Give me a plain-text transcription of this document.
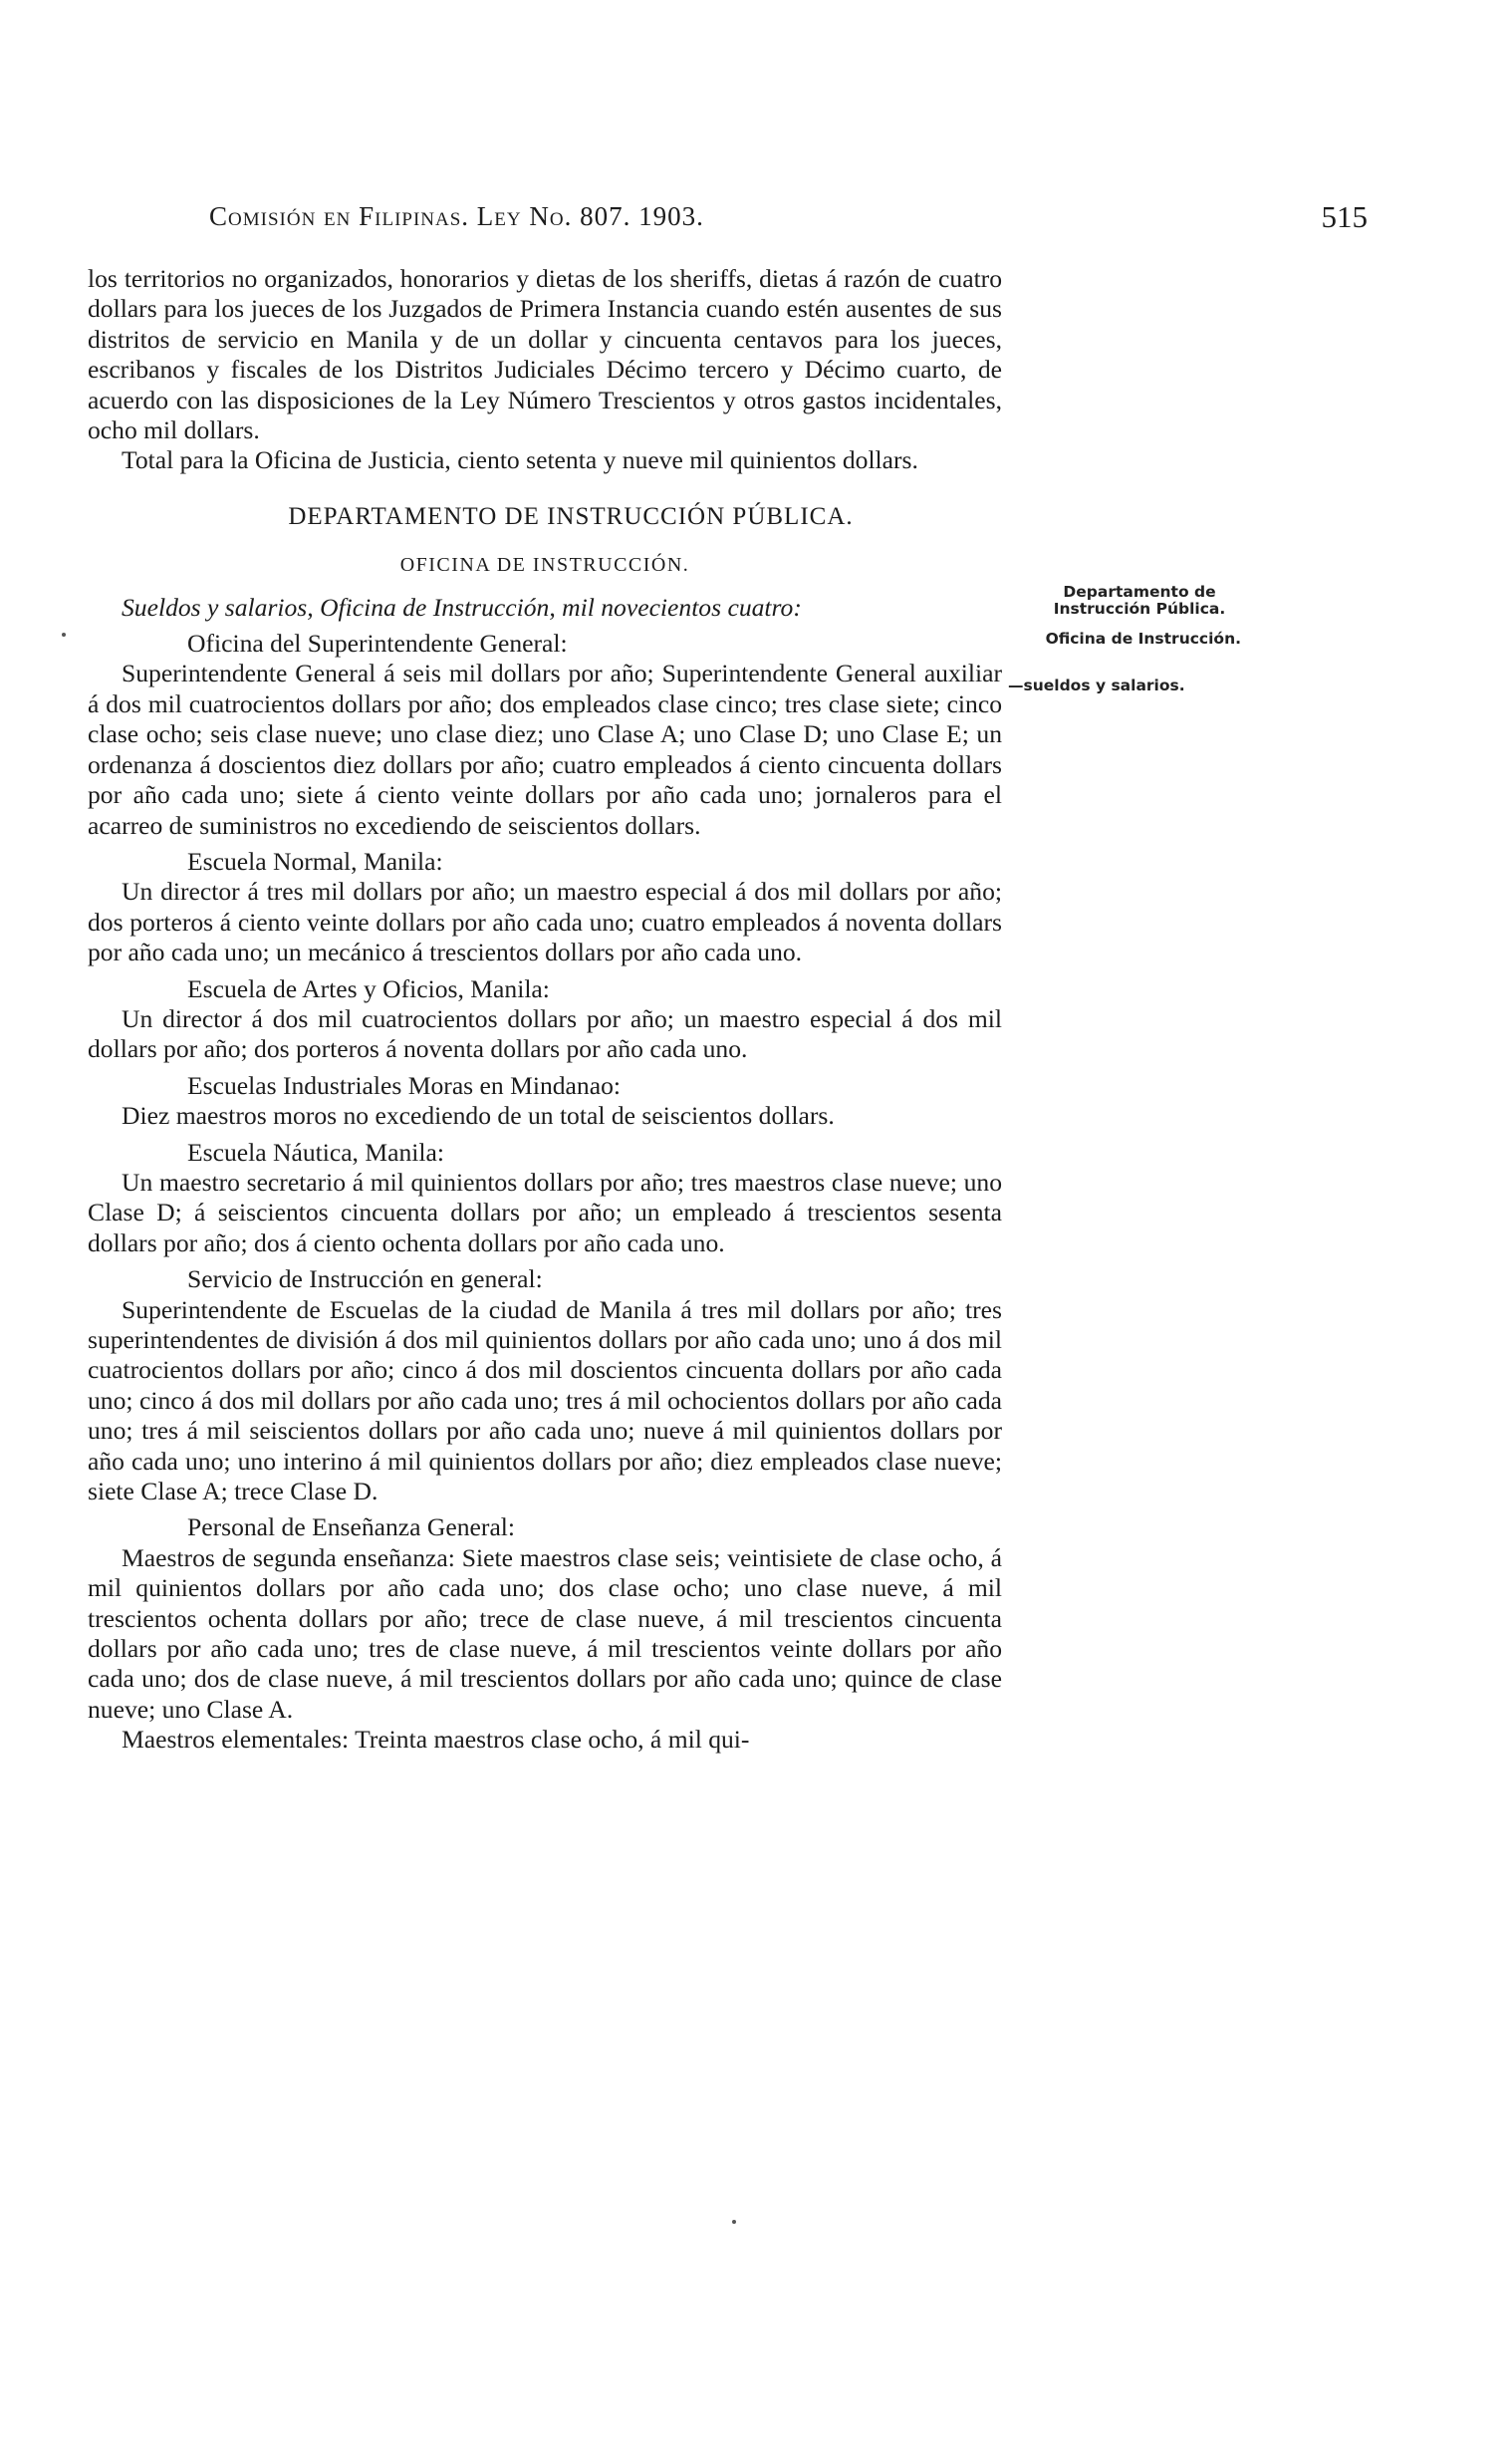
Comisión en Filipinas. Ley No. 807. 1903.	515
Departamento de Instrucción Pública.
Oficina de Instrucción.
—sueldos y salarios.

los territorios no organizados, honorarios y dietas de los sheriffs, dietas á razón de cuatro dollars para los jueces de los Juzgados de Primera Instancia cuando estén ausentes de sus distritos de servicio en Manila y de un dollar y cincuenta centavos para los jueces, escribanos y fiscales de los Distritos Judiciales Décimo tercero y Décimo cuarto, de acuerdo con las disposiciones de la Ley Número Trescientos y otros gastos incidentales, ocho mil dollars.

Total para la Oficina de Justicia, ciento setenta y nueve mil quinientos dollars.

DEPARTAMENTO DE INSTRUCCIÓN PÚBLICA.

OFICINA DE INSTRUCCIÓN.

Sueldos y salarios, Oficina de Instrucción, mil novecientos cuatro:

Oficina del Superintendente General:

Superintendente General á seis mil dollars por año; Superintendente General auxiliar á dos mil cuatrocientos dollars por año; dos empleados clase cinco; tres clase siete; cinco clase ocho; seis clase nueve; uno clase diez; uno Clase A; uno Clase D; uno Clase E; un ordenanza á doscientos diez dollars por año; cuatro empleados á ciento cincuenta dollars por año cada uno; siete á ciento veinte dollars por año cada uno; jornaleros para el acarreo de suministros no excediendo de seiscientos dollars.

Escuela Normal, Manila:

Un director á tres mil dollars por año; un maestro especial á dos mil dollars por año; dos porteros á ciento veinte dollars por año cada uno; cuatro empleados á noventa dollars por año cada uno; un mecánico á trescientos dollars por año cada uno.

Escuela de Artes y Oficios, Manila:

Un director á dos mil cuatrocientos dollars por año; un maestro especial á dos mil dollars por año; dos porteros á noventa dollars por año cada uno.

Escuelas Industriales Moras en Mindanao:

Diez maestros moros no excediendo de un total de seiscientos dollars.

Escuela Náutica, Manila:

Un maestro secretario á mil quinientos dollars por año; tres maestros clase nueve; uno Clase D; á seiscientos cincuenta dollars por año; un empleado á trescientos sesenta dollars por año; dos á ciento ochenta dollars por año cada uno.

Servicio de Instrucción en general:

Superintendente de Escuelas de la ciudad de Manila á tres mil dollars por año; tres superintendentes de división á dos mil quinientos dollars por año cada uno; uno á dos mil cuatrocientos dollars por año; cinco á dos mil doscientos cincuenta dollars por año cada uno; cinco á dos mil dollars por año cada uno; tres á mil ochocientos dollars por año cada uno; tres á mil seiscientos dollars por año cada uno; nueve á mil quinientos dollars por año cada uno; uno interino á mil quinientos dollars por año; diez empleados clase nueve; siete Clase A; trece Clase D.

Personal de Enseñanza General:

Maestros de segunda enseñanza: Siete maestros clase seis; veintisiete de clase ocho, á mil quinientos dollars por año cada uno; dos clase ocho; uno clase nueve, á mil trescientos ochenta dollars por año; trece de clase nueve, á mil trescientos cincuenta dollars por año cada uno; tres de clase nueve, á mil trescientos veinte dollars por año cada uno; dos de clase nueve, á mil trescientos dollars por año cada uno; quince de clase nueve; uno Clase A.

Maestros elementales: Treinta maestros clase ocho, á mil qui-
